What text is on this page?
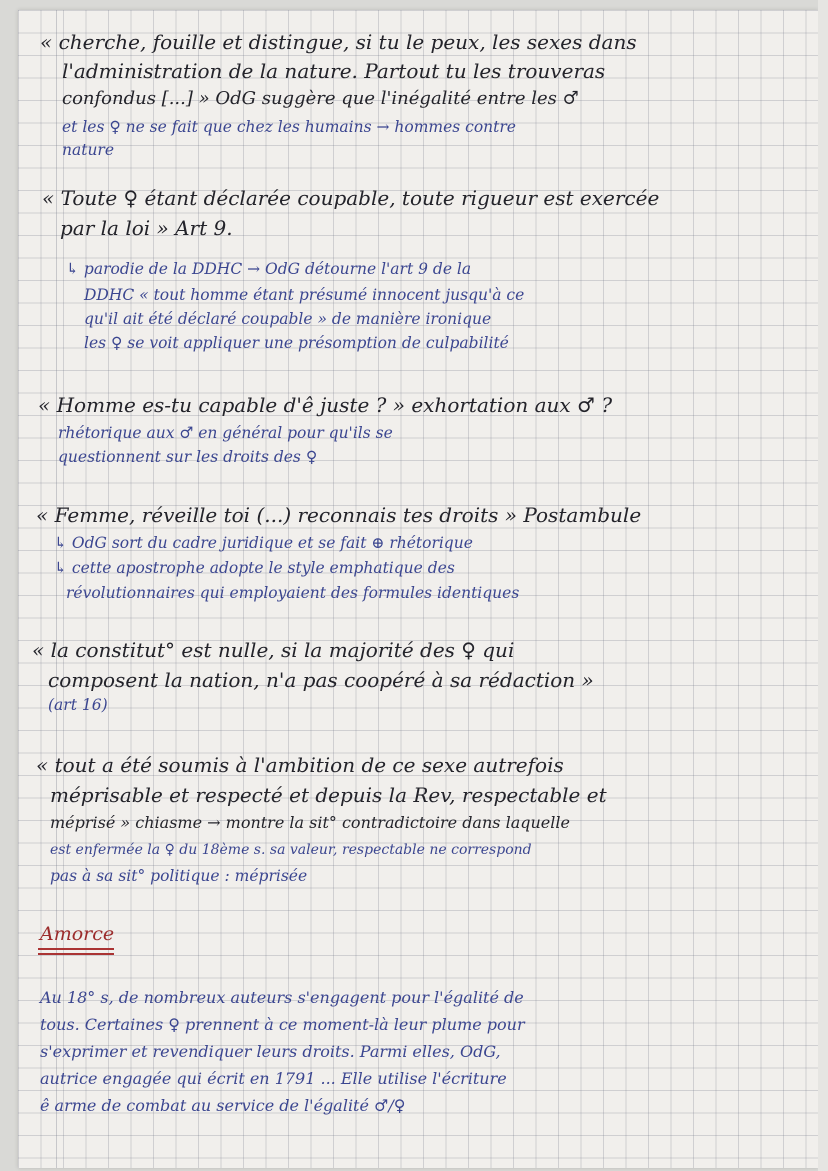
« cherche, fouille et distingue, si tu le peux, les sexes dans
l'administration de la nature. Partout tu les trouveras
confondus [...] » OdG suggère que l'inégalité entre les ♂
et les ♀ ne se fait que chez les humains → hommes contre
nature
« Toute ♀ étant déclarée coupable, toute rigueur est exercée
par la loi » Art 9.
↳ parodie de la DDHC → OdG détourne l'art 9 de la
DDHC « tout homme étant présumé innocent jusqu'à ce
qu'il ait été déclaré coupable » de manière ironique
les ♀ se voit appliquer une présomption de culpabilité
« Homme es-tu capable d'ê juste ? » exhortation aux ♂ ?
rhétorique aux ♂ en général pour qu'ils se
questionnent sur les droits des ♀
« Femme, réveille toi (...) reconnais tes droits » Postambule
↳ OdG sort du cadre juridique et se fait ⊕ rhétorique
↳ cette apostrophe adopte le style emphatique des
révolutionnaires qui employaient des formules identiques
« la constitut° est nulle, si la majorité des ♀ qui
composent la nation, n'a pas coopéré à sa rédaction »
(art 16)
« tout a été soumis à l'ambition de ce sexe autrefois
méprisable et respecté et depuis la Rev, respectable et
méprisé » chiasme → montre la sit° contradictoire dans laquelle
est enfermée la ♀ du 18ème s. sa valeur, respectable ne correspond
pas à sa sit° politique : méprisée
Amorce
Au 18° s, de nombreux auteurs s'engagent pour l'égalité de
tous. Certaines ♀ prennent à ce moment-là leur plume pour
s'exprimer et revendiquer leurs droits. Parmi elles, OdG,
autrice engagée qui écrit en 1791 ... Elle utilise l'écriture
ê arme de combat au service de l'égalité ♂/♀
